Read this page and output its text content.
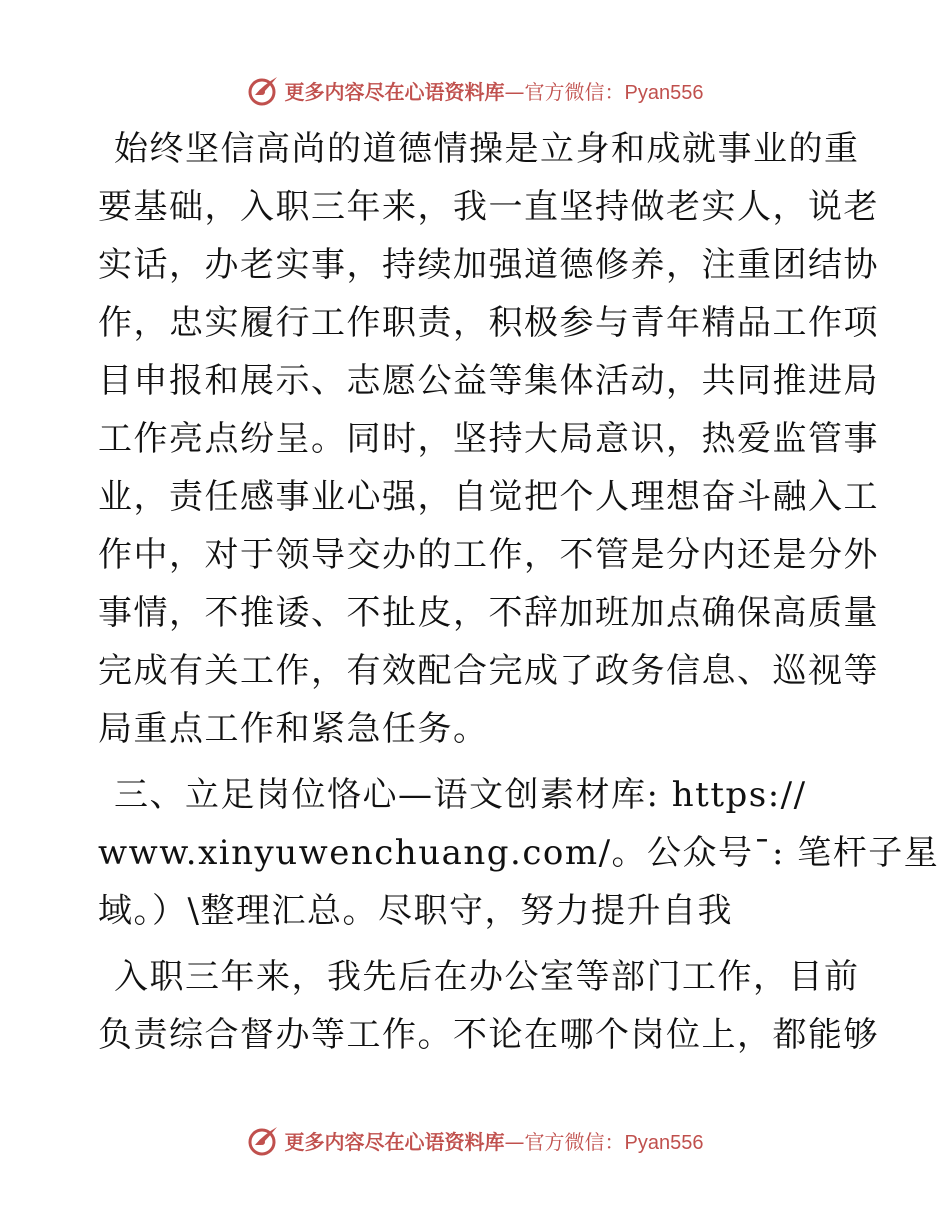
更多内容尽在心语资料库—官方微信：Pyan556
始终坚信高尚的道德情操是立身和成就事业的重
要基础，入职三年来，我一直坚持做老实人，说老
实话，办老实事，持续加强道德修养，注重团结协
作，忠实履行工作职责，积极参与青年精品工作项
目申报和展示、志愿公益等集体活动，共同推进局
工作亮点纷呈。同时，坚持大局意识，热爱监管事
业，责任感事业心强，自觉把个人理想奋斗融入工
作中，对于领导交办的工作，不管是分内还是分外
事情，不推诿、不扯皮，不辞加班加点确保高质量
完成有关工作，有效配合完成了政务信息、巡视等
局重点工作和紧急任务。
三、立足岗位恪心—语文创素材库: https://
www.xinyuwenchuang.com/。公众号¯: 笔杆子星
域。）\整理汇总。尽职守，努力提升自我
入职三年来，我先后在办公室等部门工作，目前
负责综合督办等工作。不论在哪个岗位上，都能够
更多内容尽在心语资料库—官方微信：Pyan556
